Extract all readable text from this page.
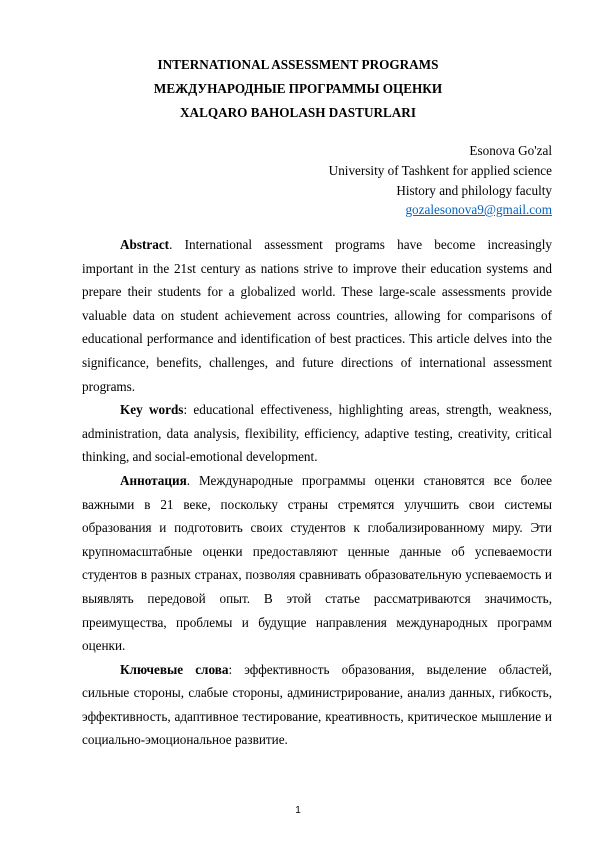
INTERNATIONAL ASSESSMENT PROGRAMS
МЕЖДУНАРОДНЫЕ ПРОГРАММЫ ОЦЕНКИ
XALQARO BAHOLASH DASTURLARI
Esonova Go'zal
University of Tashkent for applied science
History and philology faculty
gozalesonova9@gmail.com

Abstract. International assessment programs have become increasingly important in the 21st century as nations strive to improve their education systems and prepare their students for a globalized world. These large-scale assessments provide valuable data on student achievement across countries, allowing for comparisons of educational performance and identification of best practices. This article delves into the significance, benefits, challenges, and future directions of international assessment programs.

Key words: educational effectiveness, highlighting areas, strength, weakness, administration, data analysis, flexibility, efficiency, adaptive testing, creativity, critical thinking, and social-emotional development.

Аннотация. Международные программы оценки становятся все более важными в 21 веке, поскольку страны стремятся улучшить свои системы образования и подготовить своих студентов к глобализированному миру. Эти крупномасштабные оценки предоставляют ценные данные об успеваемости студентов в разных странах, позволяя сравнивать образовательную успеваемость и выявлять передовой опыт. В этой статье рассматриваются значимость, преимущества, проблемы и будущие направления международных программ оценки.

Ключевые слова: эффективность образования, выделение областей, сильные стороны, слабые стороны, администрирование, анализ данных, гибкость, эффективность, адаптивное тестирование, креативность, критическое мышление и социально-эмоциональное развитие.

1
